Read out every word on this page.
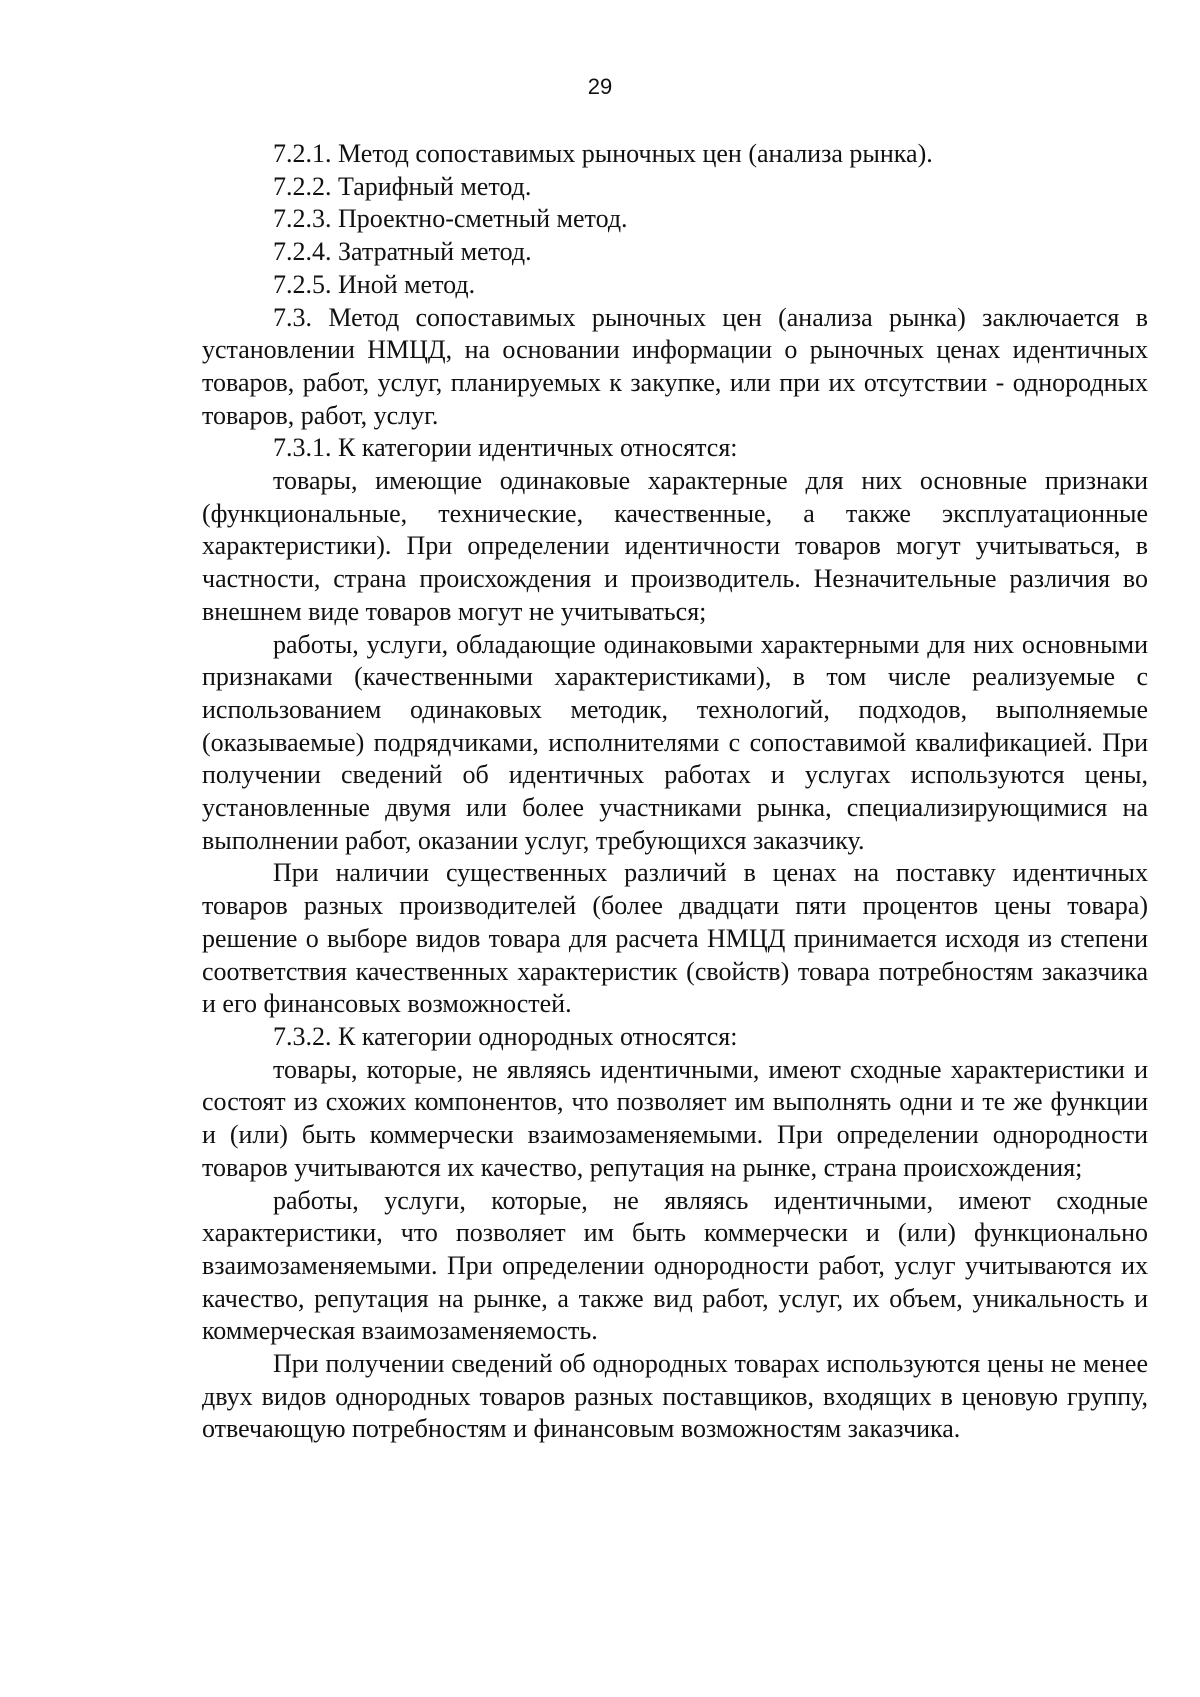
29

7.2.1. Метод сопоставимых рыночных цен (анализа рынка).

7.2.2. Тарифный метод.

7.2.3. Проектно-сметный метод.

7.2.4. Затратный метод.

7.2.5. Иной метод.

7.3. Метод сопоставимых рыночных цен (анализа рынка) заключается в установлении НМЦД, на основании информации о рыночных ценах идентичных товаров, работ, услуг, планируемых к закупке, или при их отсутствии - однородных товаров, работ, услуг.

7.3.1. К категории идентичных относятся:

товары, имеющие одинаковые характерные для них основные признаки (функциональные, технические, качественные, а также эксплуатационные характеристики). При определении идентичности товаров могут учитываться, в частности, страна происхождения и производитель. Незначительные различия во внешнем виде товаров могут не учитываться;

работы, услуги, обладающие одинаковыми характерными для них основными признаками (качественными характеристиками), в том числе реализуемые с использованием одинаковых методик, технологий, подходов, выполняемые (оказываемые) подрядчиками, исполнителями с сопоставимой квалификацией. При получении сведений об идентичных работах и услугах используются цены, установленные двумя или более участниками рынка, специализирующимися на выполнении работ, оказании услуг, требующихся заказчику.

При наличии существенных различий в ценах на поставку идентичных товаров разных производителей (более двадцати пяти процентов цены товара) решение о выборе видов товара для расчета НМЦД принимается исходя из степени соответствия качественных характеристик (свойств) товара потребностям заказчика и его финансовых возможностей.

7.3.2. К категории однородных относятся:

товары, которые, не являясь идентичными, имеют сходные характеристики и состоят из схожих компонентов, что позволяет им выполнять одни и те же функции и (или) быть коммерчески взаимозаменяемыми. При определении однородности товаров учитываются их качество, репутация на рынке, страна происхождения;

работы, услуги, которые, не являясь идентичными, имеют сходные характеристики, что позволяет им быть коммерчески и (или) функционально взаимозаменяемыми. При определении однородности работ, услуг учитываются их качество, репутация на рынке, а также вид работ, услуг, их объем, уникальность и коммерческая взаимозаменяемость.

При получении сведений об однородных товарах используются цены не менее двух видов однородных товаров разных поставщиков, входящих в ценовую группу, отвечающую потребностям и финансовым возможностям заказчика.
